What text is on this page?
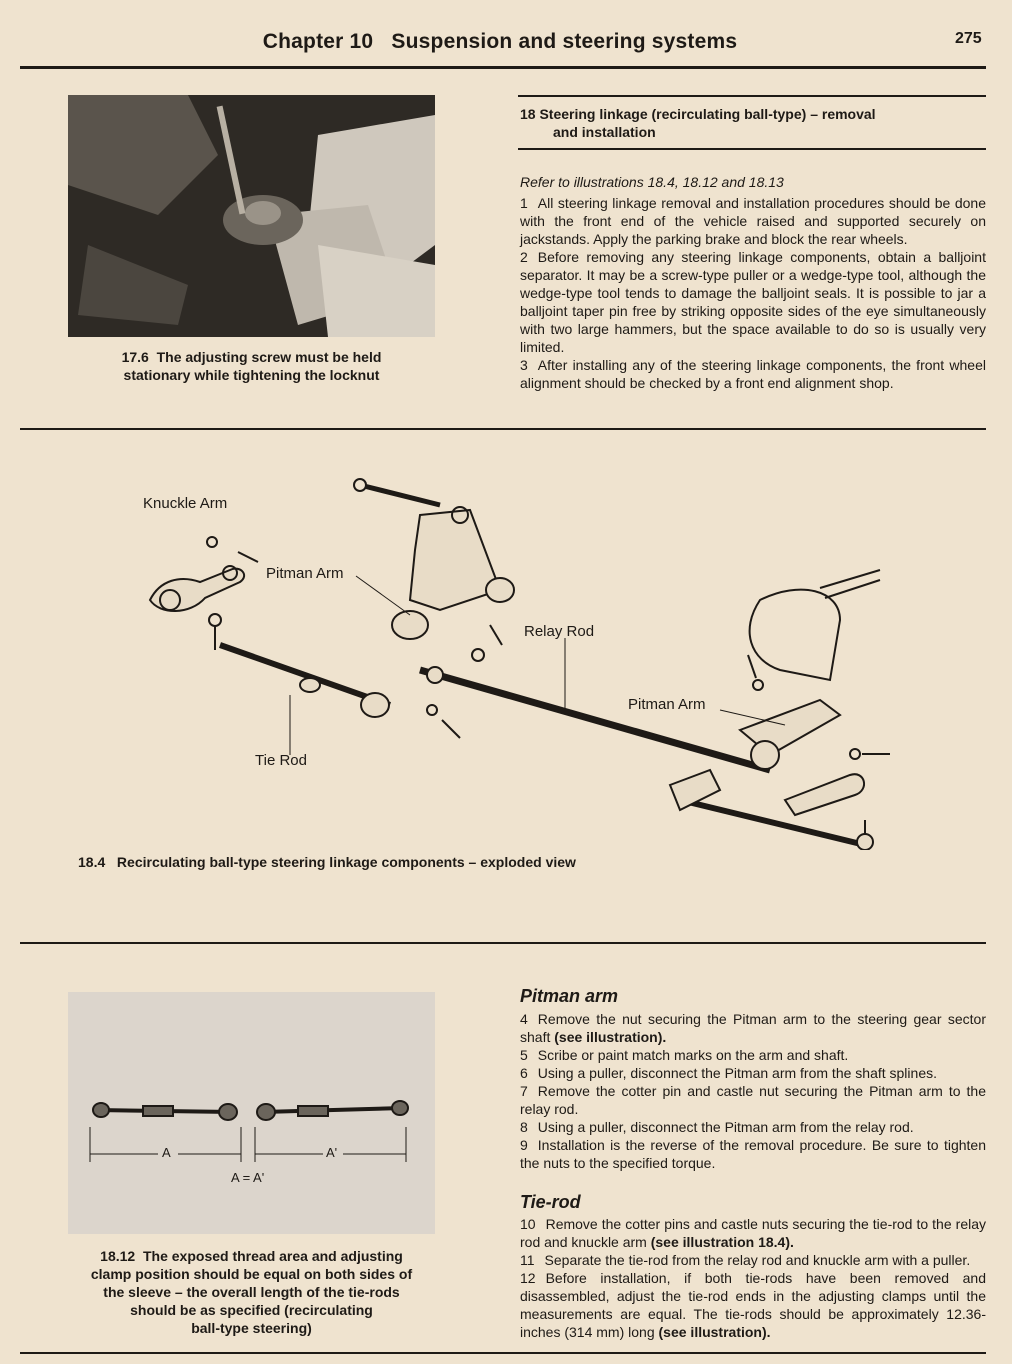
Chapter 10 Suspension and steering systems	275
17.6 The adjusting screw must be held
stationary while tightening the locknut
18 Steering linkage (recirculating ball-type) – removal
and installation
Refer to illustrations 18.4, 18.12 and 18.13

1 All steering linkage removal and installation procedures should be done with the front end of the vehicle raised and supported securely on jackstands. Apply the parking brake and block the rear wheels.

2 Before removing any steering linkage components, obtain a balljoint separator. It may be a screw-type puller or a wedge-type tool, although the wedge-type tool tends to damage the balljoint seals. It is possible to jar a balljoint taper pin free by striking opposite sides of the eye simultaneously with two large hammers, but the space available to do so is usually very limited.

3 After installing any of the steering linkage components, the front wheel alignment should be checked by a front end alignment shop.

Knuckle Arm
Pitman Arm
Relay Rod
Pitman Arm
Tie Rod
18.4 Recirculating ball-type steering linkage components – exploded view
A	A'
A = A'
18.12 The exposed thread area and adjusting
clamp position should be equal on both sides of
the sleeve – the overall length of the tie-rods
should be as specified (recirculating
ball-type steering)
Pitman arm

4 Remove the nut securing the Pitman arm to the steering gear sector shaft (see illustration).

5 Scribe or paint match marks on the arm and shaft.

6 Using a puller, disconnect the Pitman arm from the shaft splines.

7 Remove the cotter pin and castle nut securing the Pitman arm to the relay rod.

8 Using a puller, disconnect the Pitman arm from the relay rod.

9 Installation is the reverse of the removal procedure. Be sure to tighten the nuts to the specified torque.

Tie-rod

10 Remove the cotter pins and castle nuts securing the tie-rod to the relay rod and knuckle arm (see illustration 18.4).

11 Separate the tie-rod from the relay rod and knuckle arm with a puller.

12 Before installation, if both tie-rods have been removed and disassembled, adjust the tie-rod ends in the adjusting clamps until the measurements are equal. The tie-rods should be approximately 12.36-inches (314 mm) long (see illustration).
